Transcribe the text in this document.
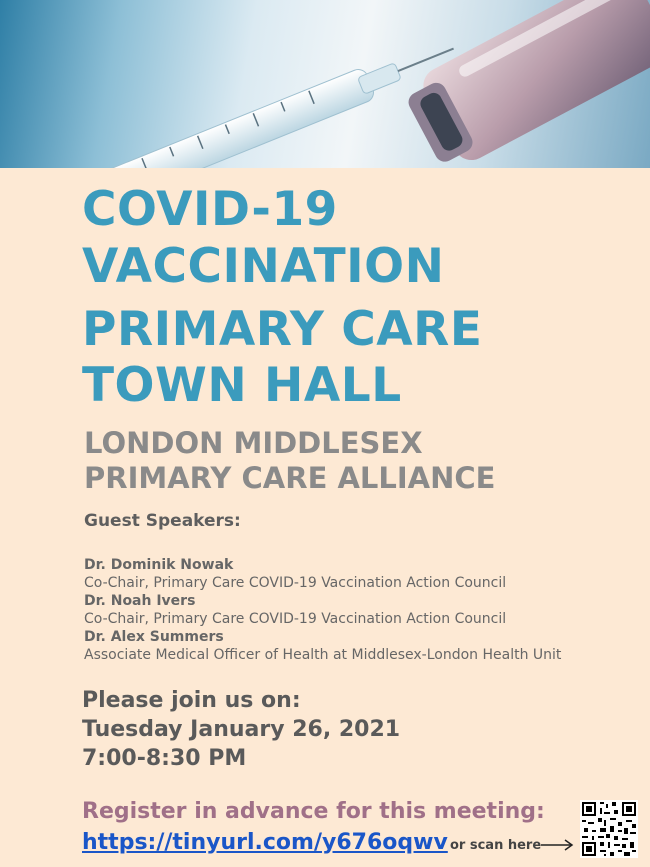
COVID-19
VACCINATION
PRIMARY CARE
TOWN HALL
LONDON MIDDLESEX
PRIMARY CARE ALLIANCE
Guest Speakers:
Dr. Dominik Nowak
Co-Chair, Primary Care COVID-19 Vaccination Action Council
Dr. Noah Ivers
Co-Chair, Primary Care COVID-19 Vaccination Action Council
Dr. Alex Summers
Associate Medical Officer of Health at Middlesex-London Health Unit
Please join us on:
Tuesday January 26, 2021
7:00-8:30 PM
Register in advance for this meeting:
https://tinyurl.com/y676oqwv or scan here
